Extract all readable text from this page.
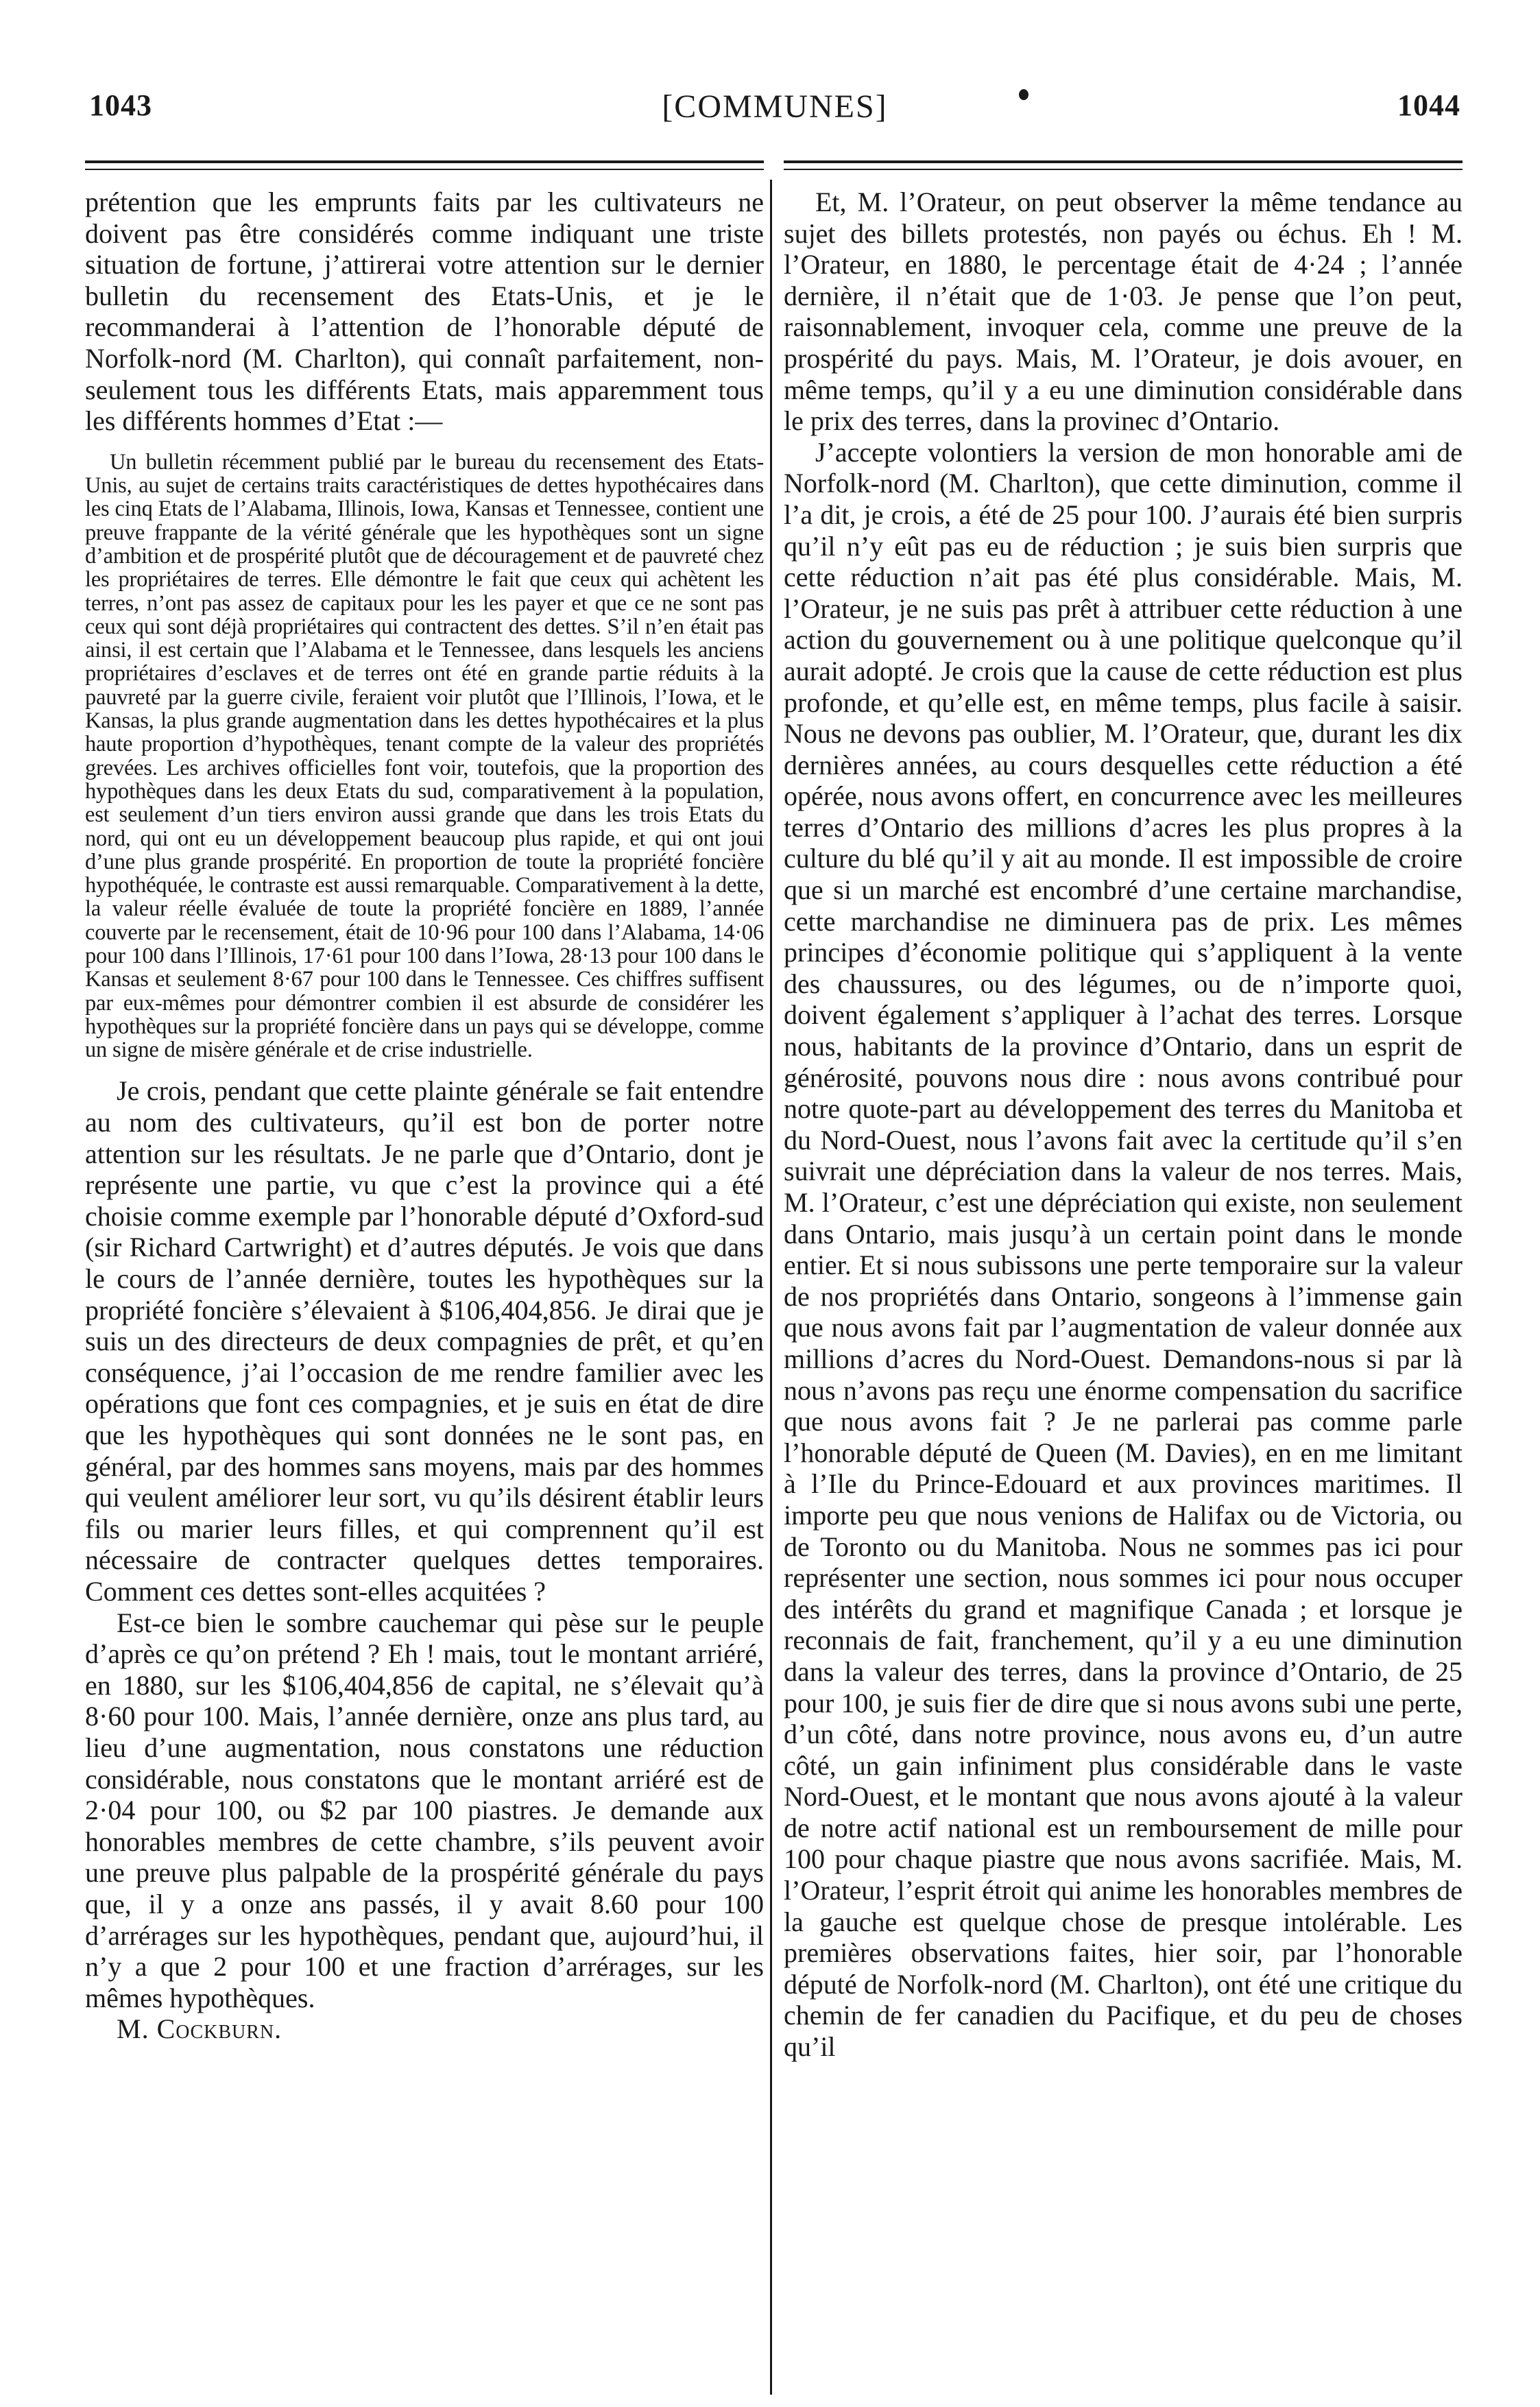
1043	[COMMUNES]	1044

prétention que les emprunts faits par les cultivateurs ne doivent pas être considérés comme indiquant une triste situation de fortune, j’attirerai votre attention sur le dernier bulletin du recensement des Etats-Unis, et je le recommanderai à l’attention de l’honorable député de Norfolk-nord (M. Charlton), qui connaît parfaitement, non-seulement tous les différents Etats, mais apparemment tous les différents hommes d’Etat :—

Un bulletin récemment publié par le bureau du recensement des Etats-Unis, au sujet de certains traits caractéristiques de dettes hypothécaires dans les cinq Etats de l’Alabama, Illinois, Iowa, Kansas et Tennessee, contient une preuve frappante de la vérité générale que les hypothèques sont un signe d’ambition et de prospérité plutôt que de découragement et de pauvreté chez les propriétaires de terres. Elle démontre le fait que ceux qui achètent les terres, n’ont pas assez de capitaux pour les les payer et que ce ne sont pas ceux qui sont déjà propriétaires qui contractent des dettes. S’il n’en était pas ainsi, il est certain que l’Alabama et le Tennessee, dans lesquels les anciens propriétaires d’esclaves et de terres ont été en grande partie réduits à la pauvreté par la guerre civile, feraient voir plutôt que l’Illinois, l’Iowa, et le Kansas, la plus grande augmentation dans les dettes hypothécaires et la plus haute proportion d’hypothèques, tenant compte de la valeur des propriétés grevées. Les archives officielles font voir, toutefois, que la proportion des hypothèques dans les deux Etats du sud, comparativement à la population, est seulement d’un tiers environ aussi grande que dans les trois Etats du nord, qui ont eu un développement beaucoup plus rapide, et qui ont joui d’une plus grande prospérité. En proportion de toute la propriété foncière hypothéquée, le contraste est aussi remarquable. Comparativement à la dette, la valeur réelle évaluée de toute la propriété foncière en 1889, l’année couverte par le recensement, était de 10·96 pour 100 dans l’Alabama, 14·06 pour 100 dans l’Illinois, 17·61 pour 100 dans l’Iowa, 28·13 pour 100 dans le Kansas et seulement 8·67 pour 100 dans le Tennessee. Ces chiffres suffisent par eux-mêmes pour démontrer combien il est absurde de considérer les hypothèques sur la propriété foncière dans un pays qui se développe, comme un signe de misère générale et de crise industrielle.

Je crois, pendant que cette plainte générale se fait entendre au nom des cultivateurs, qu’il est bon de porter notre attention sur les résultats. Je ne parle que d’Ontario, dont je représente une partie, vu que c’est la province qui a été choisie comme exemple par l’honorable député d’Oxford-sud (sir Richard Cartwright) et d’autres députés. Je vois que dans le cours de l’année dernière, toutes les hypothèques sur la propriété foncière s’élevaient à $106,404,856. Je dirai que je suis un des directeurs de deux compagnies de prêt, et qu’en conséquence, j’ai l’occasion de me rendre familier avec les opérations que font ces compagnies, et je suis en état de dire que les hypothèques qui sont données ne le sont pas, en général, par des hommes sans moyens, mais par des hommes qui veulent améliorer leur sort, vu qu’ils désirent établir leurs fils ou marier leurs filles, et qui comprennent qu’il est nécessaire de contracter quelques dettes temporaires. Comment ces dettes sont-elles acquitées ?

Est-ce bien le sombre cauchemar qui pèse sur le peuple d’après ce qu’on prétend ? Eh ! mais, tout le montant arriéré, en 1880, sur les $106,404,856 de capital, ne s’élevait qu’à 8·60 pour 100. Mais, l’année dernière, onze ans plus tard, au lieu d’une augmentation, nous constatons une réduction considérable, nous constatons que le montant arriéré est de 2·04 pour 100, ou $2 par 100 piastres. Je demande aux honorables membres de cette chambre, s’ils peuvent avoir une preuve plus palpable de la prospérité générale du pays que, il y a onze ans passés, il y avait 8.60 pour 100 d’arrérages sur les hypothèques, pendant que, aujourd’hui, il n’y a que 2 pour 100 et une fraction d’arrérages, sur les mêmes hypothèques.

M. Cockburn.

Et, M. l’Orateur, on peut observer la même tendance au sujet des billets protestés, non payés ou échus. Eh ! M. l’Orateur, en 1880, le percentage était de 4·24 ; l’année dernière, il n’était que de 1·03. Je pense que l’on peut, raisonnablement, invoquer cela, comme une preuve de la prospérité du pays. Mais, M. l’Orateur, je dois avouer, en même temps, qu’il y a eu une diminution considérable dans le prix des terres, dans la provinec d’Ontario.

J’accepte volontiers la version de mon honorable ami de Norfolk-nord (M. Charlton), que cette diminution, comme il l’a dit, je crois, a été de 25 pour 100. J’aurais été bien surpris qu’il n’y eût pas eu de réduction ; je suis bien surpris que cette réduction n’ait pas été plus considérable. Mais, M. l’Orateur, je ne suis pas prêt à attribuer cette réduction à une action du gouvernement ou à une politique quelconque qu’il aurait adopté. Je crois que la cause de cette réduction est plus profonde, et qu’elle est, en même temps, plus facile à saisir. Nous ne devons pas oublier, M. l’Orateur, que, durant les dix dernières années, au cours desquelles cette réduction a été opérée, nous avons offert, en concurrence avec les meilleures terres d’Ontario des millions d’acres les plus propres à la culture du blé qu’il y ait au monde. Il est impossible de croire que si un marché est encombré d’une certaine marchandise, cette marchandise ne diminuera pas de prix. Les mêmes principes d’économie politique qui s’appliquent à la vente des chaussures, ou des légumes, ou de n’importe quoi, doivent également s’appliquer à l’achat des terres. Lorsque nous, habitants de la province d’Ontario, dans un esprit de générosité, pouvons nous dire : nous avons contribué pour notre quote-part au développement des terres du Manitoba et du Nord-Ouest, nous l’avons fait avec la certitude qu’il s’en suivrait une dépréciation dans la valeur de nos terres. Mais, M. l’Orateur, c’est une dépréciation qui existe, non seulement dans Ontario, mais jusqu’à un certain point dans le monde entier. Et si nous subissons une perte temporaire sur la valeur de nos propriétés dans Ontario, songeons à l’immense gain que nous avons fait par l’augmentation de valeur donnée aux millions d’acres du Nord-Ouest. Demandons-nous si par là nous n’avons pas reçu une énorme compensation du sacrifice que nous avons fait ? Je ne parlerai pas comme parle l’honorable député de Queen (M. Davies), en en me limitant à l’Ile du Prince-Edouard et aux provinces maritimes. Il importe peu que nous venions de Halifax ou de Victoria, ou de Toronto ou du Manitoba. Nous ne sommes pas ici pour représenter une section, nous sommes ici pour nous occuper des intérêts du grand et magnifique Canada ; et lorsque je reconnais de fait, franchement, qu’il y a eu une diminution dans la valeur des terres, dans la province d’Ontario, de 25 pour 100, je suis fier de dire que si nous avons subi une perte, d’un côté, dans notre province, nous avons eu, d’un autre côté, un gain infiniment plus considérable dans le vaste Nord-Ouest, et le montant que nous avons ajouté à la valeur de notre actif national est un remboursement de mille pour 100 pour chaque piastre que nous avons sacrifiée. Mais, M. l’Orateur, l’esprit étroit qui anime les honorables membres de la gauche est quelque chose de presque intolérable. Les premières observations faites, hier soir, par l’honorable député de Norfolk-nord (M. Charlton), ont été une critique du chemin de fer canadien du Pacifique, et du peu de choses qu’il
